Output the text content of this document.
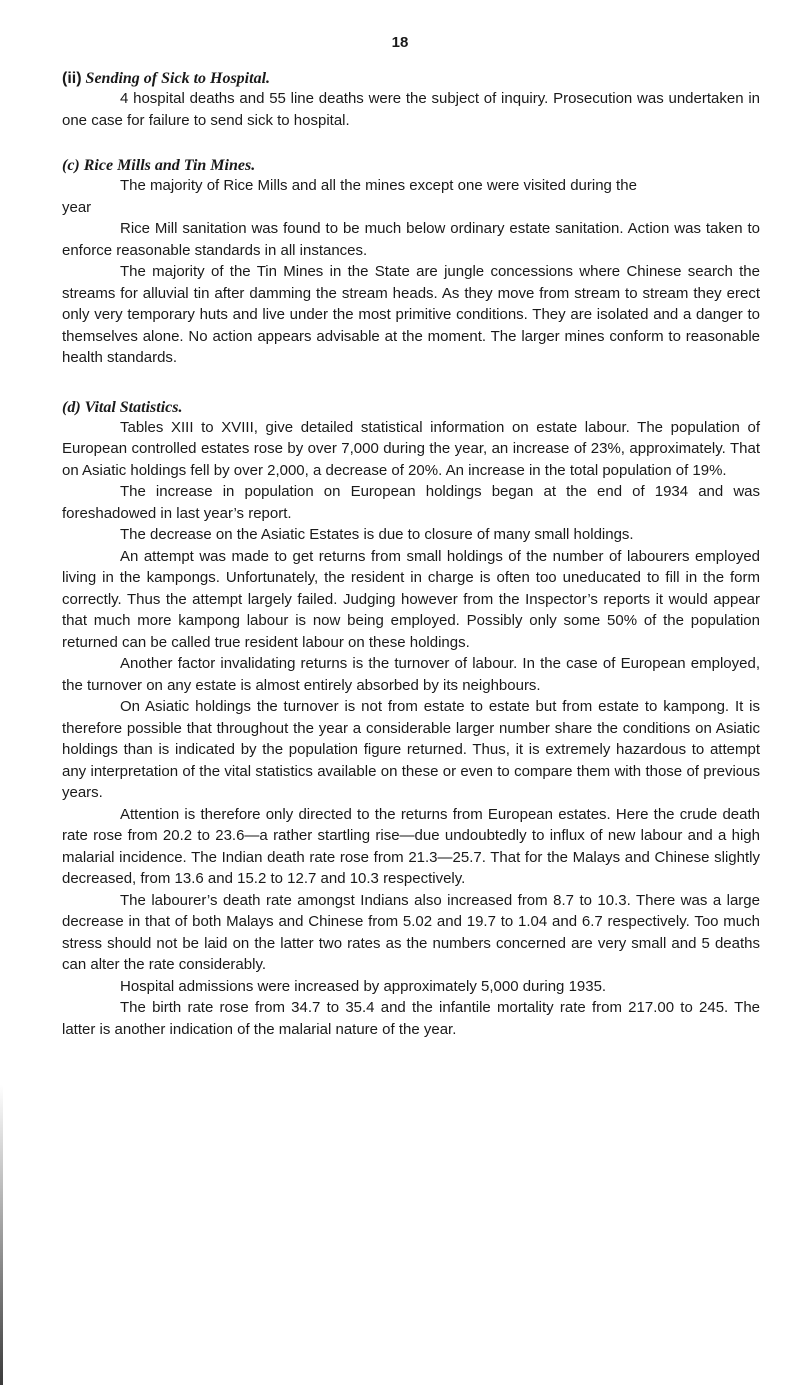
18
(ii) Sending of Sick to Hospital.

4 hospital deaths and 55 line deaths were the subject of inquiry. Prosecution was undertaken in one case for failure to send sick to hospital.

(c) Rice Mills and Tin Mines.

The majority of Rice Mills and all the mines except one were visited during the

year

Rice Mill sanitation was found to be much below ordinary estate sanitation. Action was taken to enforce reasonable standards in all instances.

The majority of the Tin Mines in the State are jungle concessions where Chinese search the streams for alluvial tin after damming the stream heads. As they move from stream to stream they erect only very temporary huts and live under the most primitive conditions. They are isolated and a danger to themselves alone. No action appears advisable at the moment. The larger mines conform to reasonable health standards.

(d) Vital Statistics.

Tables XIII to XVIII, give detailed statistical information on estate labour. The population of European controlled estates rose by over 7,000 during the year, an increase of 23%, approximately. That on Asiatic holdings fell by over 2,000, a decrease of 20%. An increase in the total population of 19%.

The increase in population on European holdings began at the end of 1934 and was foreshadowed in last year’s report.

The decrease on the Asiatic Estates is due to closure of many small holdings.

An attempt was made to get returns from small holdings of the number of labourers employed living in the kampongs. Unfortunately, the resident in charge is often too uneducated to fill in the form correctly. Thus the attempt largely failed. Judging however from the Inspector’s reports it would appear that much more kampong labour is now being employed. Possibly only some 50% of the population returned can be called true resident labour on these holdings.

Another factor invalidating returns is the turnover of labour. In the case of European employed, the turnover on any estate is almost entirely absorbed by its neighbours.

On Asiatic holdings the turnover is not from estate to estate but from estate to kampong. It is therefore possible that throughout the year a considerable larger number share the conditions on Asiatic holdings than is indicated by the population figure returned. Thus, it is extremely hazardous to attempt any interpretation of the vital statistics available on these or even to compare them with those of previous years.

Attention is therefore only directed to the returns from European estates. Here the crude death rate rose from 20.2 to 23.6—a rather startling rise—due undoubtedly to influx of new labour and a high malarial incidence. The Indian death rate rose from 21.3—25.7. That for the Malays and Chinese slightly decreased, from 13.6 and 15.2 to 12.7 and 10.3 respectively.

The labourer’s death rate amongst Indians also increased from 8.7 to 10.3. There was a large decrease in that of both Malays and Chinese from 5.02 and 19.7 to 1.04 and 6.7 respectively. Too much stress should not be laid on the latter two rates as the numbers concerned are very small and 5 deaths can alter the rate considerably.

Hospital admissions were increased by approximately 5,000 during 1935.

The birth rate rose from 34.7 to 35.4 and the infantile mortality rate from 217.00 to 245. The latter is another indication of the malarial nature of the year.
